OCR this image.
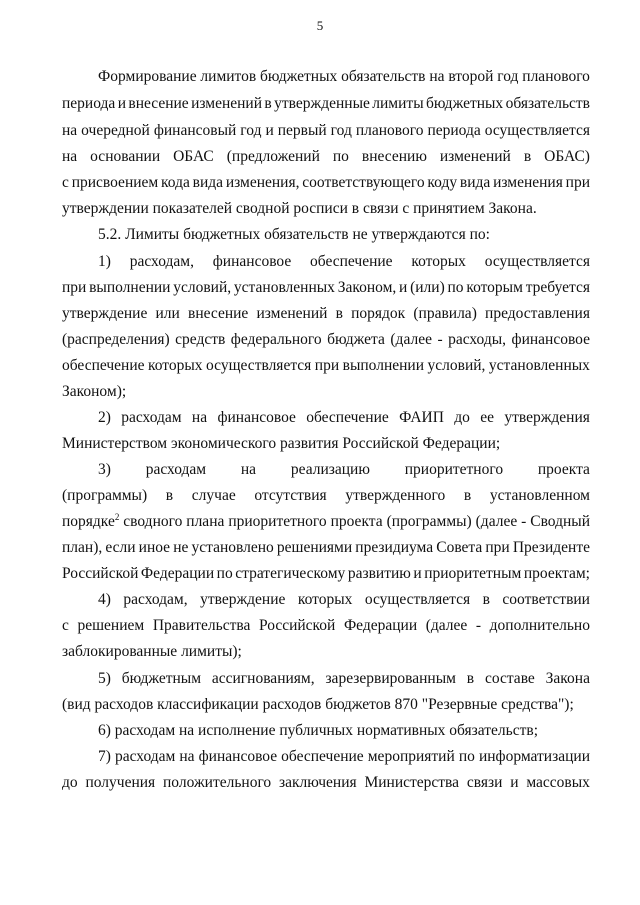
5
Формирование лимитов бюджетных обязательств на второй год планового
периода и внесение изменений в утвержденные лимиты бюджетных обязательств
на очередной финансовый год и первый год планового периода осуществляется
на основании ОБАС (предложений по внесению изменений в ОБАС)
с присвоением кода вида изменения, соответствующего коду вида изменения при
утверждении показателей сводной росписи в связи с принятием Закона.
5.2. Лимиты бюджетных обязательств не утверждаются по:
1) расходам, финансовое обеспечение которых осуществляется
при выполнении условий, установленных Законом, и (или) по которым требуется
утверждение или внесение изменений в порядок (правила) предоставления
(распределения) средств федерального бюджета (далее - расходы, финансовое
обеспечение которых осуществляется при выполнении условий, установленных
Законом);
2) расходам на финансовое обеспечение ФАИП до ее утверждения
Министерством экономического развития Российской Федерации;
3) расходам на реализацию приоритетного проекта
(программы) в случае отсутствия утвержденного в установленном
порядке$^2$ сводного плана приоритетного проекта (программы) (далее - Сводный
план), если иное не установлено решениями президиума Совета при Президенте
Российской Федерации по стратегическому развитию и приоритетным проектам;
4) расходам, утверждение которых осуществляется в соответствии
с решением Правительства Российской Федерации (далее - дополнительно
заблокированные лимиты);
5) бюджетным ассигнованиям, зарезервированным в составе Закона
(вид расходов классификации расходов бюджетов 870 "Резервные средства");
6) расходам на исполнение публичных нормативных обязательств;
7) расходам на финансовое обеспечение мероприятий по информатизации
до получения положительного заключения Министерства связи и массовых
